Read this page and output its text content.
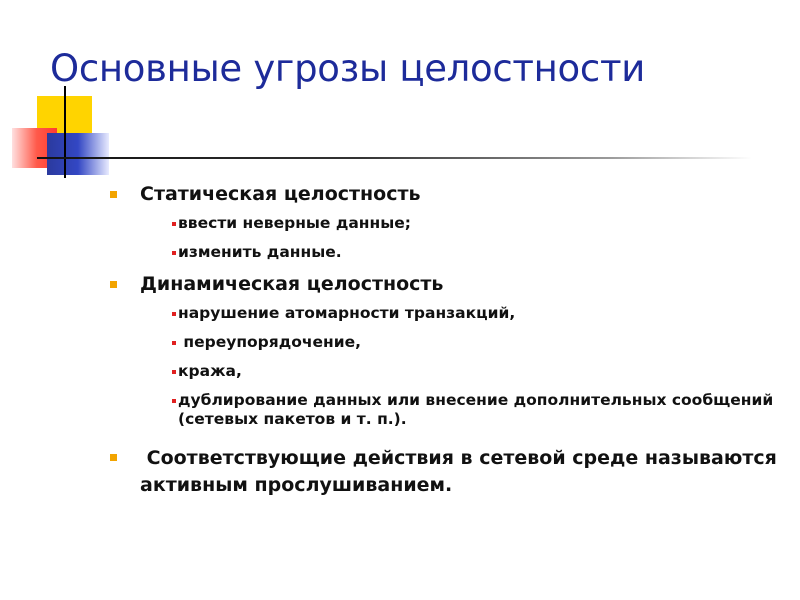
Основные угрозы целостности
Статическая целостность
ввести неверные данные;
изменить данные.
Динамическая целостность
нарушение атомарности транзакций,
переупорядочение,
кража,
дублирование данных или внесение дополнительных сообщений (сетевых пакетов и т. п.).
Соответствующие действия в сетевой среде называются активным прослушиванием.
